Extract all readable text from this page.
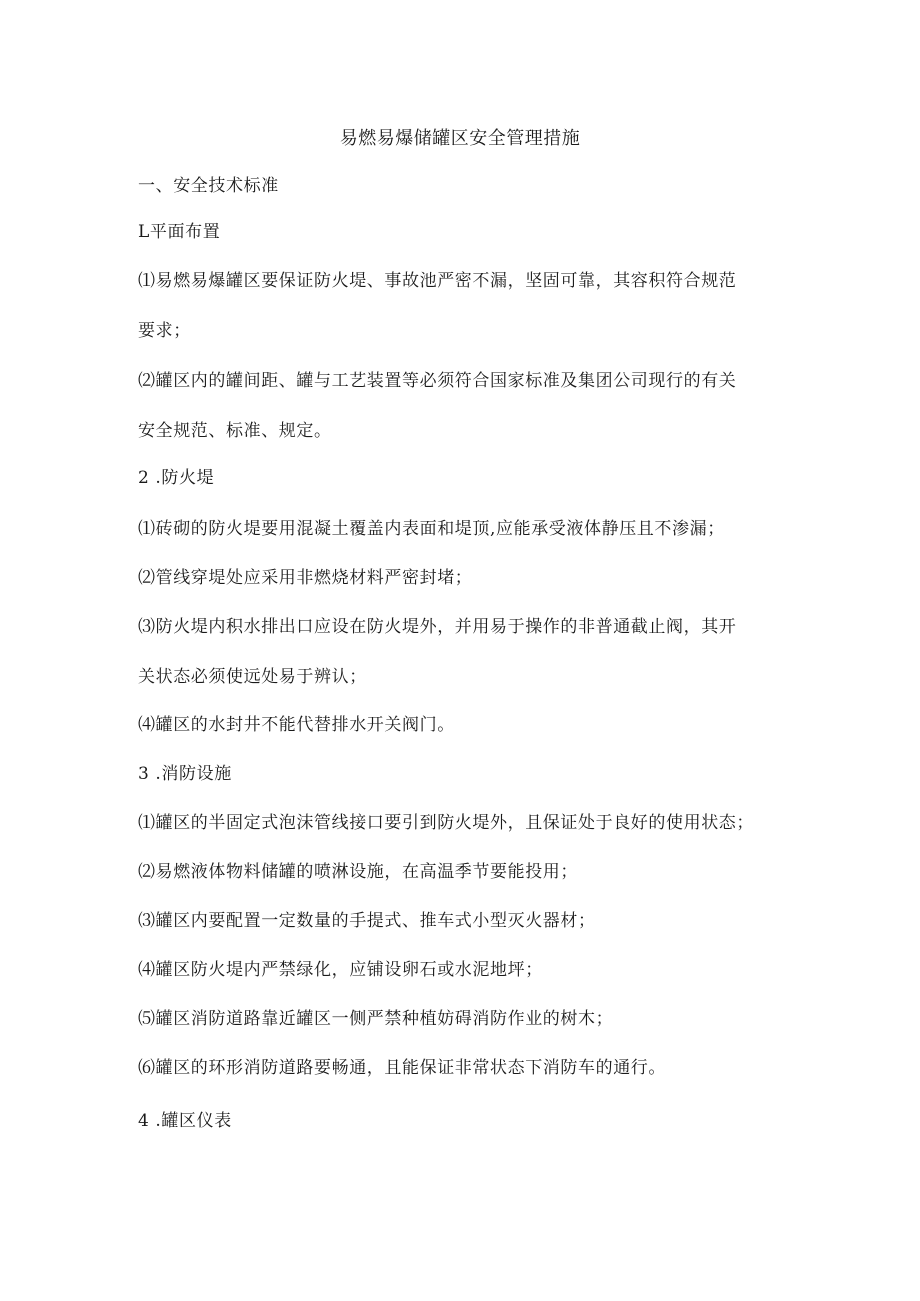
易燃易爆储罐区安全管理措施
一、安全技术标准
L平面布置
⑴易燃易爆罐区要保证防火堤、事故池严密不漏，坚固可靠，其容积符合规范
要求；
⑵罐区内的罐间距、罐与工艺装置等必须符合国家标准及集团公司现行的有关
安全规范、标准、规定。
2 .防火堤
⑴砖砌的防火堤要用混凝土覆盖内表面和堤顶,应能承受液体静压且不渗漏；
⑵管线穿堤处应采用非燃烧材料严密封堵；
⑶防火堤内积水排出口应设在防火堤外，并用易于操作的非普通截止阀，其开
关状态必须使远处易于辨认；
⑷罐区的水封井不能代替排水开关阀门。
3 .消防设施
⑴罐区的半固定式泡沫管线接口要引到防火堤外，且保证处于良好的使用状态；
⑵易燃液体物料储罐的喷淋设施，在高温季节要能投用；
⑶罐区内要配置一定数量的手提式、推车式小型灭火器材；
⑷罐区防火堤内严禁绿化，应铺设卵石或水泥地坪；
⑸罐区消防道路靠近罐区一侧严禁种植妨碍消防作业的树木；
⑹罐区的环形消防道路要畅通，且能保证非常状态下消防车的通行。
4 .罐区仪表
